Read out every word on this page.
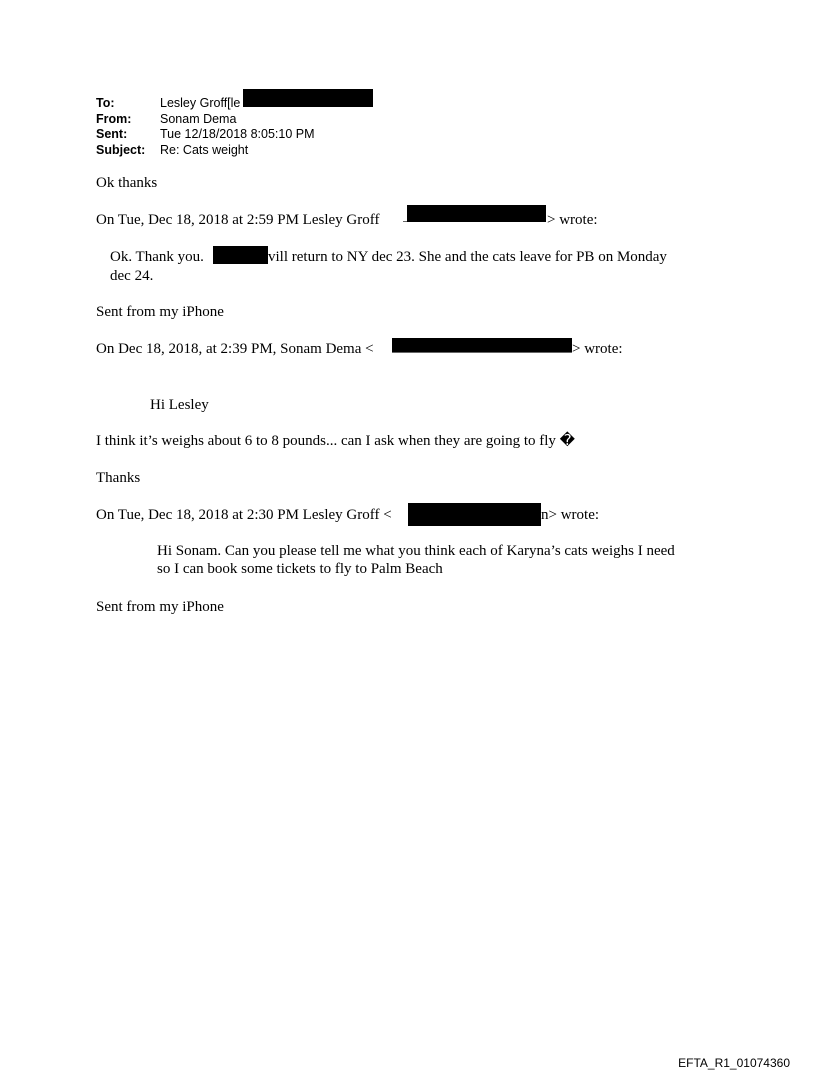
To:	Lesley Groff[le
From: Sonam Dema
Sent:	Tue 12/18/2018 8:05:10 PM
Subject: Re: Cats weight
Ok thanks
On Tue, Dec 18, 2018 at 2:59 PM Lesley Groff	> wrote:
Ok. Thank you.	vill return to NY dec 23. She and the cats leave for PB on Monday
dec 24.
Sent from my iPhone
On Dec 18, 2018, at 2:39 PM, Sonam Dema <	> wrote:
Hi Lesley
I think it’s weighs about 6 to 8 pounds... can I ask when they are going to fly �
Thanks
On Tue, Dec 18, 2018 at 2:30 PM Lesley Groff <	n> wrote:
Hi Sonam. Can you please tell me what you think each of Karyna’s cats weighs I need so I can book some tickets to fly to Palm Beach
Sent from my iPhone
EFTA_R1_01074360
